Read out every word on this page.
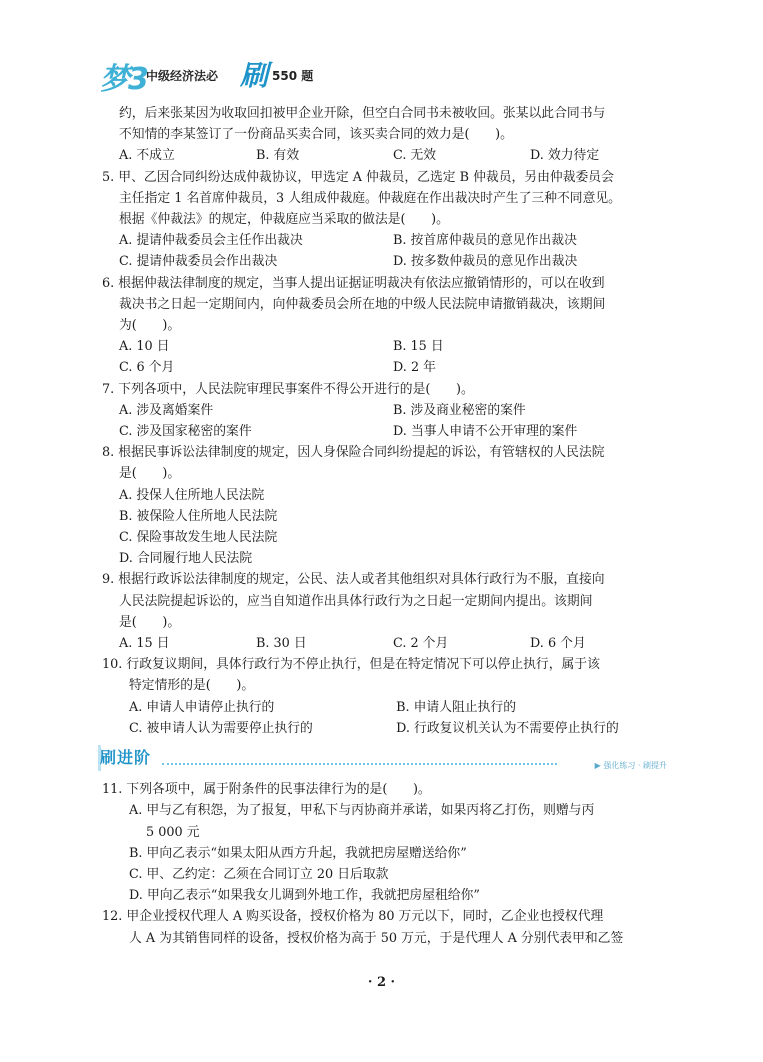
梦3 中级经济法必 刷 550 题
约，后来张某因为收取回扣被甲企业开除，但空白合同书未被收回。张某以此合同书与
不知情的李某签订了一份商品买卖合同，该买卖合同的效力是(　　)。
A. 不成立	B. 有效	C. 无效	D. 效力待定
5. 甲、乙因合同纠纷达成仲裁协议，甲选定 A 仲裁员，乙选定 B 仲裁员，另由仲裁委员会
主任指定 1 名首席仲裁员，3 人组成仲裁庭。仲裁庭在作出裁决时产生了三种不同意见。
根据《仲裁法》的规定，仲裁庭应当采取的做法是(　　)。
A. 提请仲裁委员会主任作出裁决	B. 按首席仲裁员的意见作出裁决
C. 提请仲裁委员会作出裁决	D. 按多数仲裁员的意见作出裁决
6. 根据仲裁法律制度的规定，当事人提出证据证明裁决有依法应撤销情形的，可以在收到
裁决书之日起一定期间内，向仲裁委员会所在地的中级人民法院申请撤销裁决，该期间
为(　　)。
A. 10 日	B. 15 日
C. 6 个月	D. 2 年
7. 下列各项中，人民法院审理民事案件不得公开进行的是(　　)。
A. 涉及离婚案件	B. 涉及商业秘密的案件
C. 涉及国家秘密的案件	D. 当事人申请不公开审理的案件
8. 根据民事诉讼法律制度的规定，因人身保险合同纠纷提起的诉讼，有管辖权的人民法院
是(　　)。
A. 投保人住所地人民法院
B. 被保险人住所地人民法院
C. 保险事故发生地人民法院
D. 合同履行地人民法院
9. 根据行政诉讼法律制度的规定，公民、法人或者其他组织对具体行政行为不服，直接向
人民法院提起诉讼的，应当自知道作出具体行政行为之日起一定期间内提出。该期间
是(　　)。
A. 15 日	B. 30 日	C. 2 个月	D. 6 个月
10. 行政复议期间，具体行政行为不停止执行，但是在特定情况下可以停止执行，属于该
特定情形的是(　　)。
A. 申请人申请停止执行的	B. 申请人阻止执行的
C. 被申请人认为需要停止执行的	D. 行政复议机关认为不需要停止执行的
刷进阶	▶ 强化练习 · 刷提升
11. 下列各项中，属于附条件的民事法律行为的是(　　)。
A. 甲与乙有积怨，为了报复，甲私下与丙协商并承诺，如果丙将乙打伤，则赠与丙
5 000 元
B. 甲向乙表示“如果太阳从西方升起，我就把房屋赠送给你”
C. 甲、乙约定：乙须在合同订立 20 日后取款
D. 甲向乙表示“如果我女儿调到外地工作，我就把房屋租给你”
12. 甲企业授权代理人 A 购买设备，授权价格为 80 万元以下，同时，乙企业也授权代理
人 A 为其销售同样的设备，授权价格为高于 50 万元，于是代理人 A 分别代表甲和乙签
· 2 ·
